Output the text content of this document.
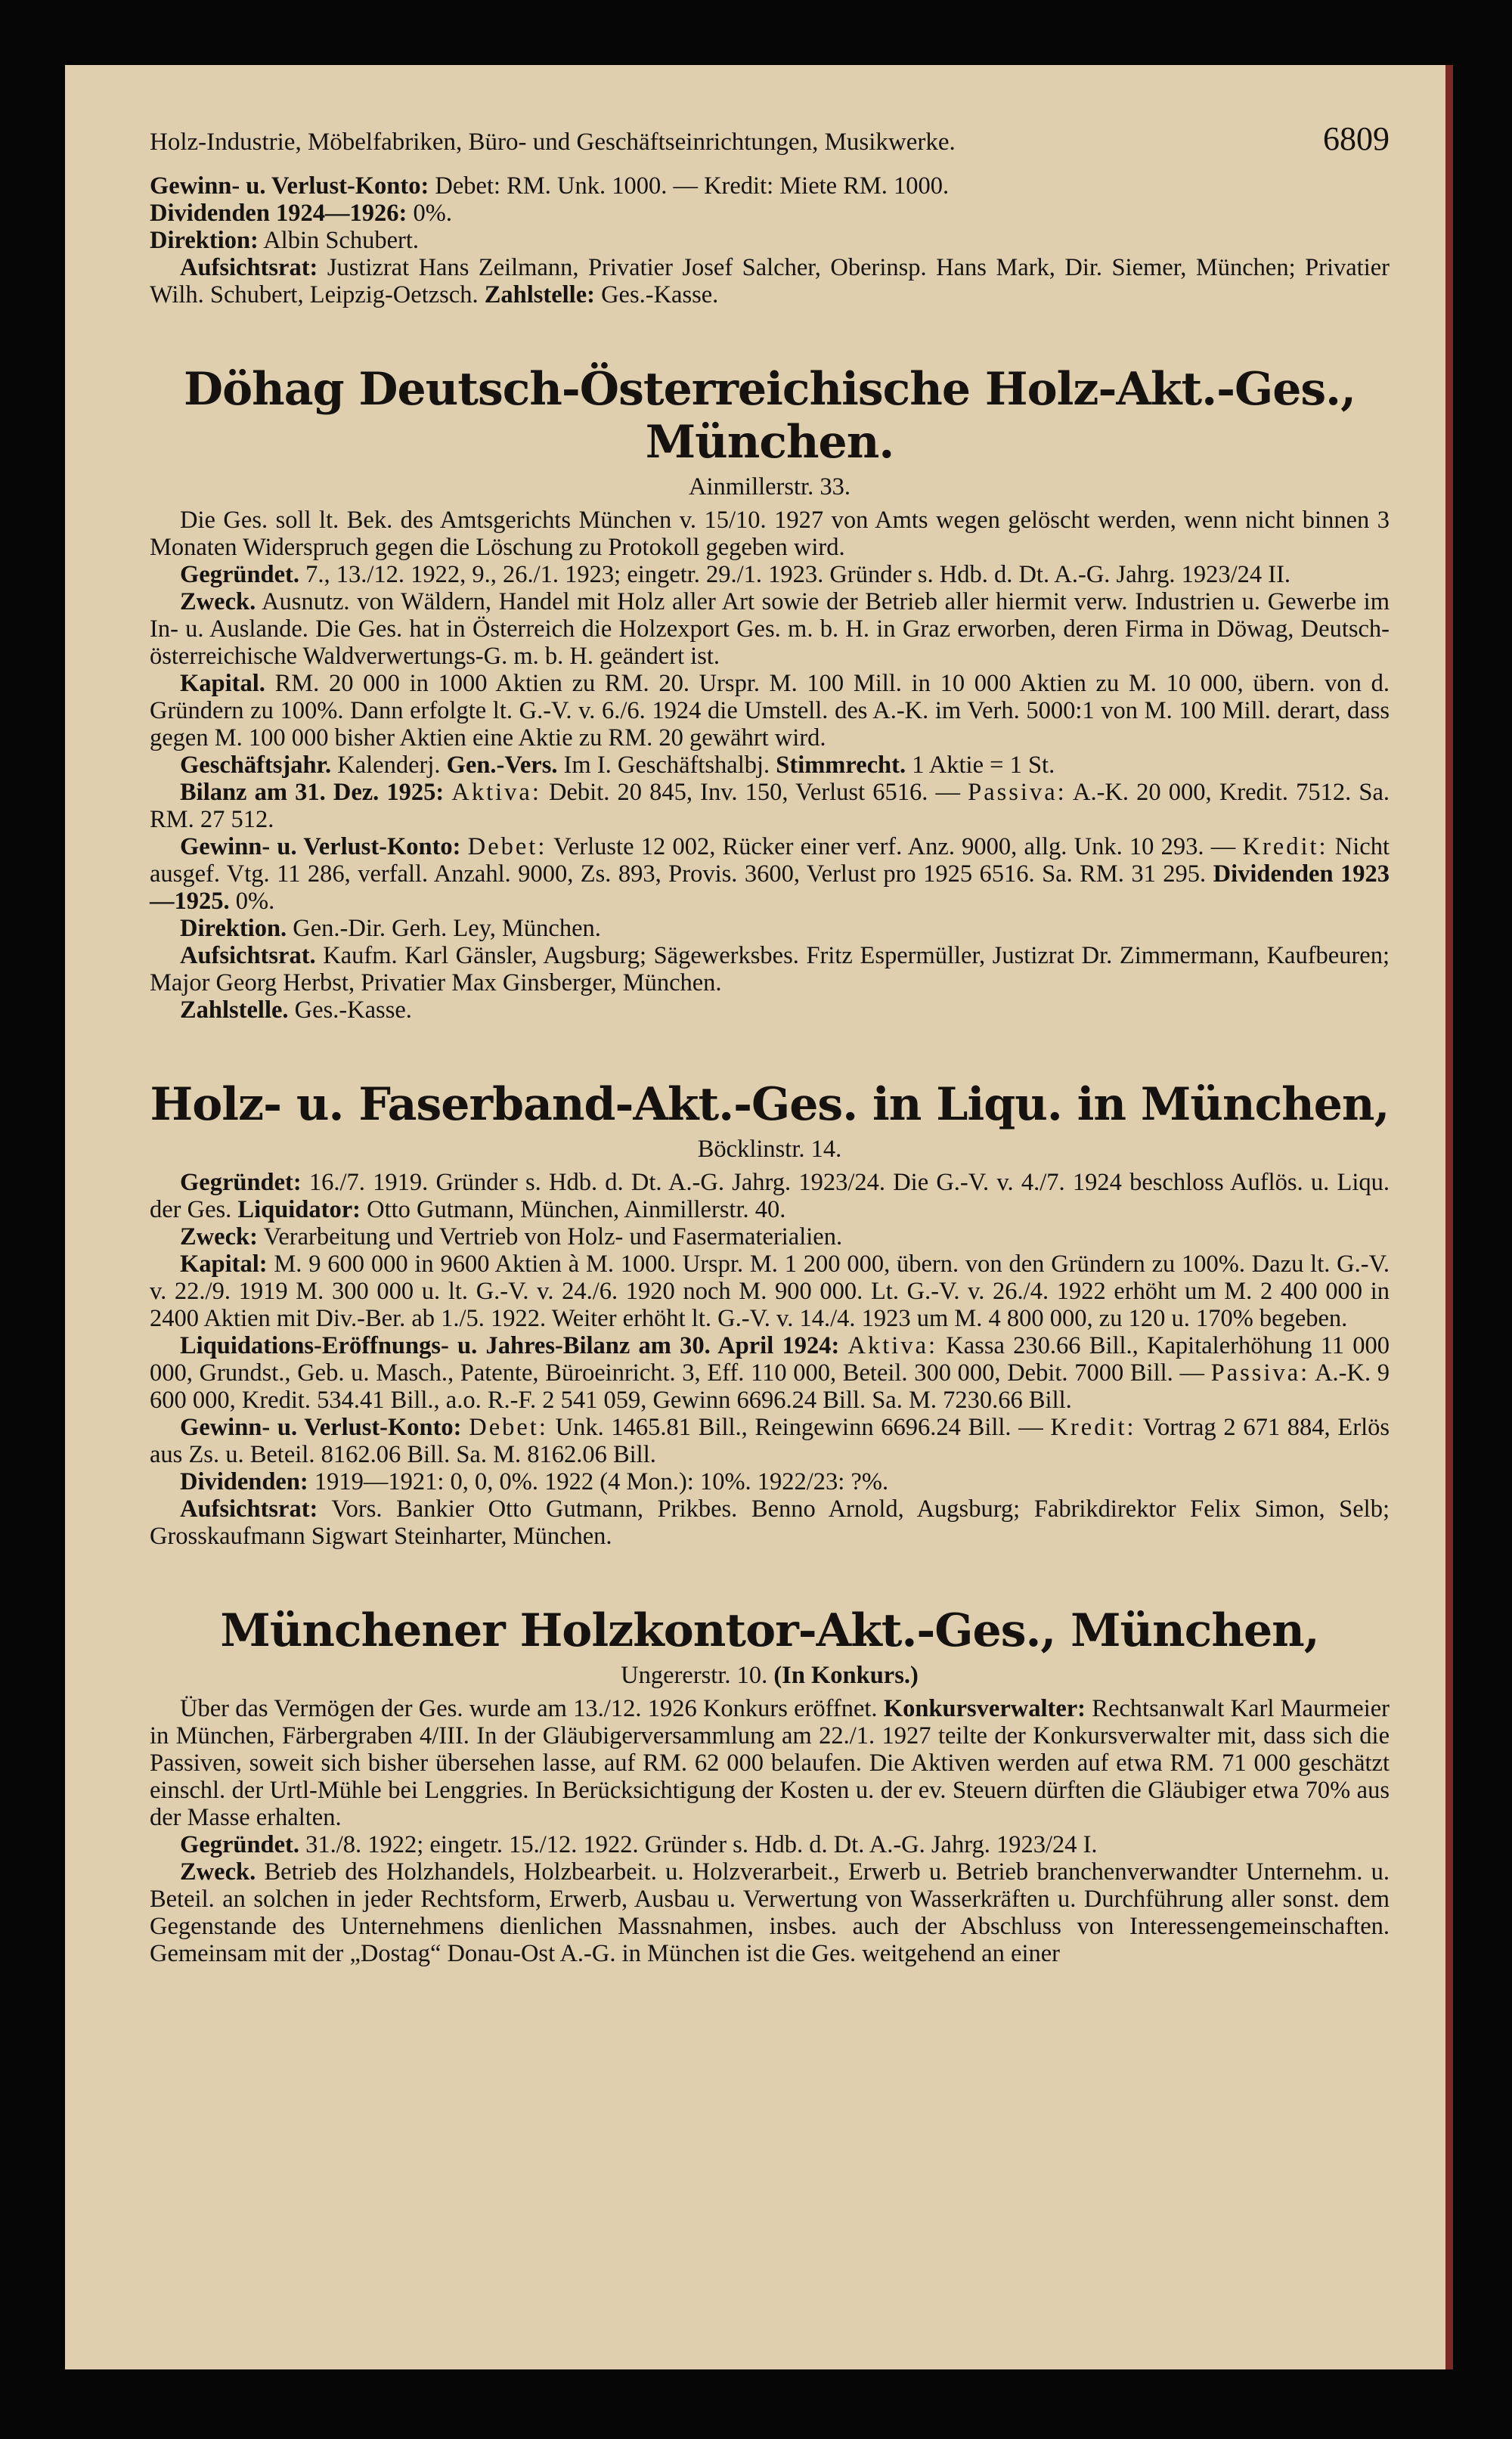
Holz-Industrie, Möbelfabriken, Büro- und Geschäftseinrichtungen, Musikwerke.	6809

Gewinn- u. Verlust-Konto: Debet: RM. Unk. 1000. — Kredit: Miete RM. 1000.

Dividenden 1924—1926: 0%.

Direktion: Albin Schubert.

Aufsichtsrat: Justizrat Hans Zeilmann, Privatier Josef Salcher, Oberinsp. Hans Mark, Dir. Siemer, München; Privatier Wilh. Schubert, Leipzig-Oetzsch. Zahlstelle: Ges.-Kasse.

Döhag Deutsch-Österreichische Holz-Akt.-Ges., München.
Ainmillerstr. 33.

Die Ges. soll lt. Bek. des Amtsgerichts München v. 15/10. 1927 von Amts wegen gelöscht werden, wenn nicht binnen 3 Monaten Widerspruch gegen die Löschung zu Protokoll gegeben wird.

Gegründet. 7., 13./12. 1922, 9., 26./1. 1923; eingetr. 29./1. 1923. Gründer s. Hdb. d. Dt. A.-G. Jahrg. 1923/24 II.

Zweck. Ausnutz. von Wäldern, Handel mit Holz aller Art sowie der Betrieb aller hiermit verw. Industrien u. Gewerbe im In- u. Auslande. Die Ges. hat in Österreich die Holzexport Ges. m. b. H. in Graz erworben, deren Firma in Döwag, Deutsch-österreichische Waldverwertungs-G. m. b. H. geändert ist.

Kapital. RM. 20 000 in 1000 Aktien zu RM. 20. Urspr. M. 100 Mill. in 10 000 Aktien zu M. 10 000, übern. von d. Gründern zu 100%. Dann erfolgte lt. G.-V. v. 6./6. 1924 die Umstell. des A.-K. im Verh. 5000:1 von M. 100 Mill. derart, dass gegen M. 100 000 bisher Aktien eine Aktie zu RM. 20 gewährt wird.

Geschäftsjahr. Kalenderj. Gen.-Vers. Im I. Geschäftshalbj. Stimmrecht. 1 Aktie = 1 St.

Bilanz am 31. Dez. 1925: Aktiva: Debit. 20 845, Inv. 150, Verlust 6516. — Passiva: A.-K. 20 000, Kredit. 7512. Sa. RM. 27 512.

Gewinn- u. Verlust-Konto: Debet: Verluste 12 002, Rücker einer verf. Anz. 9000, allg. Unk. 10 293. — Kredit: Nicht ausgef. Vtg. 11 286, verfall. Anzahl. 9000, Zs. 893, Provis. 3600, Verlust pro 1925 6516. Sa. RM. 31 295. Dividenden 1923—1925. 0%.

Direktion. Gen.-Dir. Gerh. Ley, München.

Aufsichtsrat. Kaufm. Karl Gänsler, Augsburg; Sägewerksbes. Fritz Espermüller, Justizrat Dr. Zimmermann, Kaufbeuren; Major Georg Herbst, Privatier Max Ginsberger, München.

Zahlstelle. Ges.-Kasse.

Holz- u. Faserband-Akt.-Ges. in Liqu. in München,
Böcklinstr. 14.

Gegründet: 16./7. 1919. Gründer s. Hdb. d. Dt. A.-G. Jahrg. 1923/24. Die G.-V. v. 4./7. 1924 beschloss Auflös. u. Liqu. der Ges. Liquidator: Otto Gutmann, München, Ainmillerstr. 40.

Zweck: Verarbeitung und Vertrieb von Holz- und Fasermaterialien.

Kapital: M. 9 600 000 in 9600 Aktien à M. 1000. Urspr. M. 1 200 000, übern. von den Gründern zu 100%. Dazu lt. G.-V. v. 22./9. 1919 M. 300 000 u. lt. G.-V. v. 24./6. 1920 noch M. 900 000. Lt. G.-V. v. 26./4. 1922 erhöht um M. 2 400 000 in 2400 Aktien mit Div.-Ber. ab 1./5. 1922. Weiter erhöht lt. G.-V. v. 14./4. 1923 um M. 4 800 000, zu 120 u. 170% begeben.

Liquidations-Eröffnungs- u. Jahres-Bilanz am 30. April 1924: Aktiva: Kassa 230.66 Bill., Kapitalerhöhung 11 000 000, Grundst., Geb. u. Masch., Patente, Büroeinricht. 3, Eff. 110 000, Beteil. 300 000, Debit. 7000 Bill. — Passiva: A.-K. 9 600 000, Kredit. 534.41 Bill., a.o. R.-F. 2 541 059, Gewinn 6696.24 Bill. Sa. M. 7230.66 Bill.

Gewinn- u. Verlust-Konto: Debet: Unk. 1465.81 Bill., Reingewinn 6696.24 Bill. — Kredit: Vortrag 2 671 884, Erlös aus Zs. u. Beteil. 8162.06 Bill. Sa. M. 8162.06 Bill.

Dividenden: 1919—1921: 0, 0, 0%. 1922 (4 Mon.): 10%. 1922/23: ?%.

Aufsichtsrat: Vors. Bankier Otto Gutmann, Prikbes. Benno Arnold, Augsburg; Fabrikdirektor Felix Simon, Selb; Grosskaufmann Sigwart Steinharter, München.

Münchener Holzkontor-Akt.-Ges., München,
Ungererstr. 10. (In Konkurs.)

Über das Vermögen der Ges. wurde am 13./12. 1926 Konkurs eröffnet. Konkursverwalter: Rechtsanwalt Karl Maurmeier in München, Färbergraben 4/III. In der Gläubigerversammlung am 22./1. 1927 teilte der Konkursverwalter mit, dass sich die Passiven, soweit sich bisher übersehen lasse, auf RM. 62 000 belaufen. Die Aktiven werden auf etwa RM. 71 000 geschätzt einschl. der Urtl-Mühle bei Lenggries. In Berücksichtigung der Kosten u. der ev. Steuern dürften die Gläubiger etwa 70% aus der Masse erhalten.

Gegründet. 31./8. 1922; eingetr. 15./12. 1922. Gründer s. Hdb. d. Dt. A.-G. Jahrg. 1923/24 I.

Zweck. Betrieb des Holzhandels, Holzbearbeit. u. Holzverarbeit., Erwerb u. Betrieb branchenverwandter Unternehm. u. Beteil. an solchen in jeder Rechtsform, Erwerb, Ausbau u. Verwertung von Wasserkräften u. Durchführung aller sonst. dem Gegenstande des Unternehmens dienlichen Massnahmen, insbes. auch der Abschluss von Interessengemeinschaften. Gemeinsam mit der „Dostag“ Donau-Ost A.-G. in München ist die Ges. weitgehend an einer
